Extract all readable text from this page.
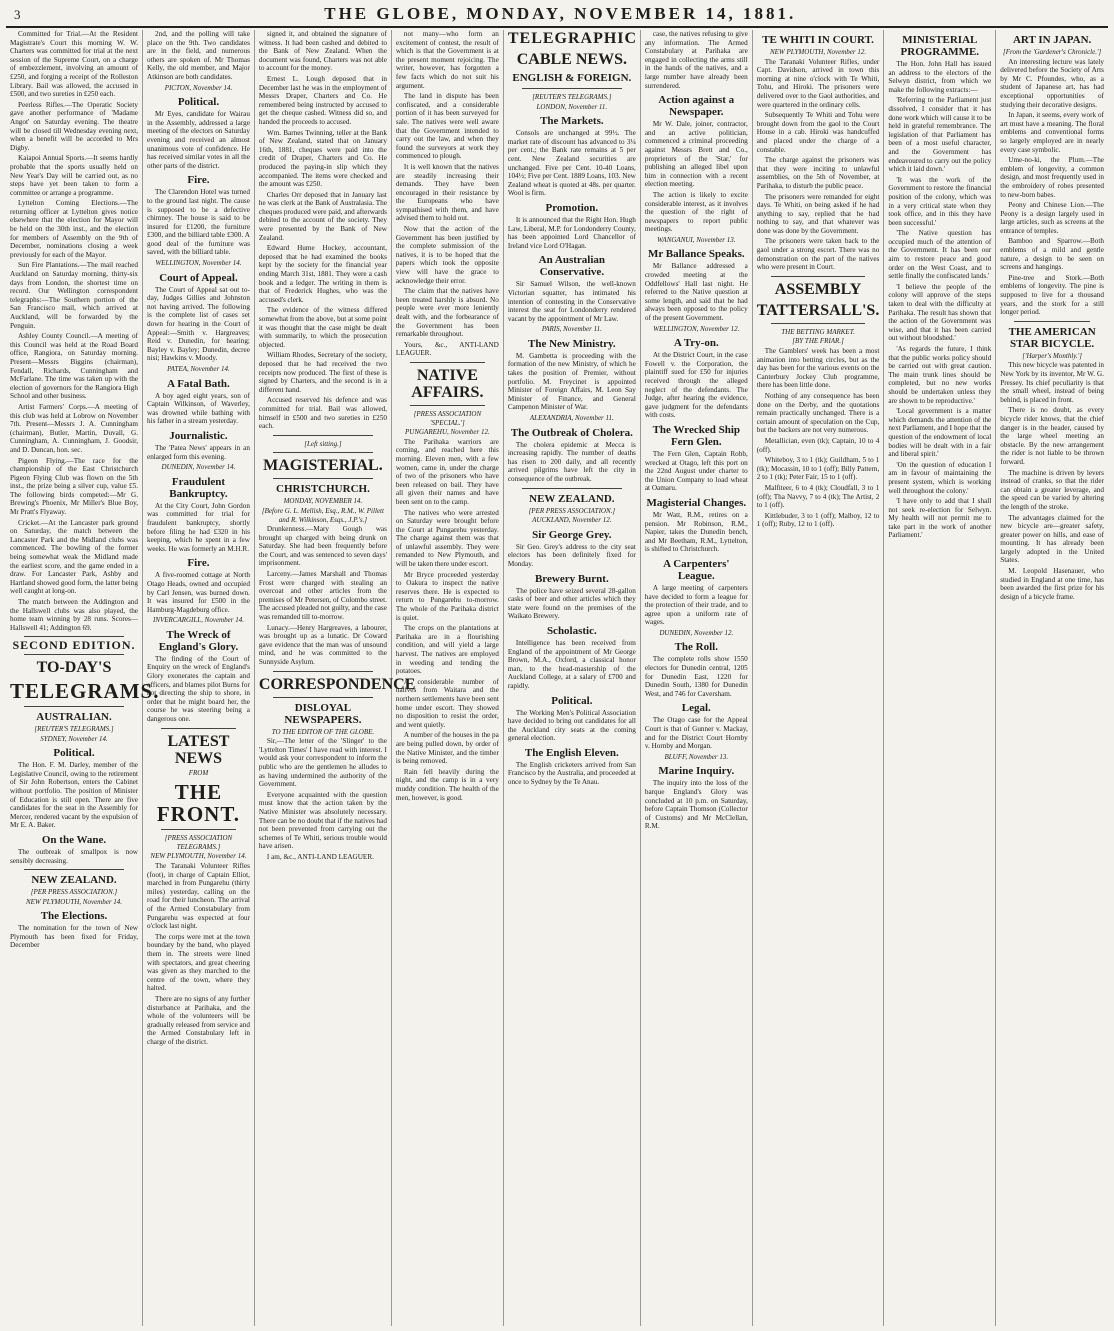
3	THE GLOBE, MONDAY, NOVEMBER 14, 1881.

Committed for Trial.—At the Resident Magistrate's Court this morning W. W. Charters was committed for trial at the next session of the Supreme Court, on a charge of embezzlement, involving an amount of £250, and forging a receipt of the Rolleston Library. Bail was allowed, the accused in £500, and two sureties in £250 each.

Peerless Rifles.—The Operatic Society gave another performance of 'Madame Angot' on Saturday evening. The theatre will be closed till Wednesday evening next, when a benefit will be accorded to Mrs Digby.

Kaiapoi Annual Sports.—It seems hardly probable that the sports usually held on New Year's Day will be carried out, as no steps have yet been taken to form a committee or arrange a programme.

Lyttelton Coming Elections.—The returning officer at Lyttelton gives notice elsewhere that the election for Mayor will be held on the 30th inst., and the election for members of Assembly on the 9th of December, nominations closing a week previously for each of the Mayor.

Sun Fire Plantations.—The mail reached Auckland on Saturday morning, thirty-six days from London, the shortest time on record. Our Wellington correspondent telegraphs:—The Southern portion of the San Francisco mail, which arrived at Auckland, will be forwarded by the Penguin.

Ashley County Council.—A meeting of this Council was held at the Road Board office, Rangiora, on Saturday morning. Present—Messrs Biggins (chairman), Fendall, Richards, Cunningham and McFarlane. The time was taken up with the election of governors for the Rangiora High School and other business.

Artist Farmers' Corps.—A meeting of this club was held at Lobrow on November 7th. Present—Messrs J. A. Cunningham (chairman), Butler, Martin, Duvall, G. Cunningham, A. Cunningham, J. Goodsir, and D. Duncan, hon. sec.

Pigeon Flying.—The race for the championship of the East Christchurch Pigeon Flying Club was flown on the 5th inst., the prize being a silver cup, value £5. The following birds competed:—Mr G. Brewing's Phoenix, Mr Miller's Blue Boy, Mr Pratt's Flyaway.

Cricket.—At the Lancaster park ground on Saturday, the match between the Lancaster Park and the Midland clubs was commenced. The bowling of the former being somewhat weak the Midland made the earliest score, and the game ended in a draw. For Lancaster Park, Ashby and Hartland showed good form, the latter being well caught at long-on.

The match between the Addington and the Hallswell clubs was also played, the home team winning by 28 runs. Scores—Hallswell 41; Addington 69.

SECOND EDITION.
TO-DAY'S
TELEGRAMS.
AUSTRALIAN.
[REUTER'S TELEGRAMS.]
SYDNEY, November 14.
Political.

The Hon. F. M. Darley, member of the Legislative Council, owing to the retirement of Sir John Robertson, enters the Cabinet without portfolio. The position of Minister of Education is still open. There are five candidates for the seat in the Assembly for Mercer, rendered vacant by the expulsion of Mr E. A. Baker.

On the Wane.

The outbreak of smallpox is now sensibly decreasing.

NEW ZEALAND.
[PER PRESS ASSOCIATION.]
NEW PLYMOUTH, November 14.
The Elections.

The nomination for the town of New Plymouth has been fixed for Friday, December

2nd, and the polling will take place on the 9th. Two candidates are in the field, and numerous others are spoken of. Mr Thomas Kelly, the old member, and Major Atkinson are both candidates.

PICTON, November 14.
Political.

Mr Eyes, candidate for Wairau in the Assembly, addressed a large meeting of the electors on Saturday evening and received an almost unanimous vote of confidence. He has received similar votes in all the other parts of the district.

Fire.

The Clarendon Hotel was turned to the ground last night. The cause is supposed to be a defective chimney. The house is said to be insured for £1200, the furniture £300, and the billiard table £300. A good deal of the furniture was saved, with the billiard table.

WELLINGTON, November 14.
Court of Appeal.

The Court of Appeal sat out to-day, Judges Gillies and Johnston not having arrived. The following is the complete list of cases set down for hearing in the Court of Appeal:—Smith v. Hargreaves; Reid v. Dunedin, for hearing; Bayley v. Bayley; Dunedin, decree nisi; Hawkins v. Moody.

PATEA, November 14.
A Fatal Bath.

A boy aged eight years, son of Captain Wilkinson, of Waverley, was drowned while bathing with his father in a stream yesterday.

Journalistic.

The 'Patea News' appears in an enlarged form this evening.

DUNEDIN, November 14.
Fraudulent Bankruptcy.

At the City Court, John Gordon was committed for trial for fraudulent bankruptcy, shortly before filing he had £320 in his keeping, which he spent in a few weeks. He was formerly an M.H.R.

Fire.

A five-roomed cottage at North Otago Heads, owned and occupied by Carl Jensen, was burned down. It was insured for £500 in the Hamburg-Magdeburg office.

INVERCARGILL, November 14.
The Wreck of England's Glory.

The finding of the Court of Enquiry on the wreck of England's Glory exonerates the captain and officers, and blames pilot Burns for not directing the ship to shore, in order that he might board her, the course he was steering being a dangerous one.

LATEST NEWS
FROM
THE FRONT.
[PRESS ASSOCIATION TELEGRAMS.]
NEW PLYMOUTH, November 14.

The Taranaki Volunteer Rifles (foot), in charge of Captain Elliot, marched in from Pungarehu (thirty miles) yesterday, calling on the road for their luncheon. The arrival of the Armed Constabulary from Pungarehu was expected at four o'clock last night.

The corps were met at the town boundary by the band, who played them in. The streets were lined with spectators, and great cheering was given as they marched to the centre of the town, where they halted.

There are no signs of any further disturbance at Parihaka, and the whole of the volunteers will be gradually released from service and the Armed Constabulary left in charge of the district.

signed it, and obtained the signature of witness. It had been cashed and debited to the Bank of New Zealand. When the document was found, Charters was not able to account for the money.

Ernest L. Lough deposed that in December last he was in the employment of Messrs Draper, Charters and Co. He remembered being instructed by accused to get the cheque cashed. Witness did so, and handed the proceeds to accused.

Wm. Barnes Twinning, teller at the Bank of New Zealand, stated that on January 16th, 1881, cheques were paid into the credit of Draper, Charters and Co. He produced the paying-in slip which they accompanied. The items were checked and the amount was £250.

Charles Orr deposed that in January last he was clerk at the Bank of Australasia. The cheques produced were paid, and afterwards debited to the account of the society. They were presented by the Bank of New Zealand.

Edward Hume Hockey, accountant, deposed that he had examined the books kept by the society for the financial year ending March 31st, 1881. They were a cash book and a ledger. The writing in them is that of Frederick Hughes, who was the accused's clerk.

The evidence of the witness differed somewhat from the above, but at some point it was thought that the case might be dealt with summarily, to which the prosecution objected.

William Rhodes, Secretary of the society, deposed that he had received the two receipts now produced. The first of these is signed by Charters, and the second is in a different hand.

Accused reserved his defence and was committed for trial. Bail was allowed, himself in £500 and two sureties in £250 each.

[Left sitting.]
MAGISTERIAL.
CHRISTCHURCH.
MONDAY, NOVEMBER 14.
[Before G. L. Mellish, Esq., R.M., W. Pillett and R. Wilkinson, Esqs., J.P.'s.]

Drunkenness.—Mary Gough was brought up charged with being drunk on Saturday. She had been frequently before the Court, and was sentenced to seven days' imprisonment.

Larceny.—James Marshall and Thomas Frost were charged with stealing an overcoat and other articles from the premises of Mr Petersen, of Colombo street. The accused pleaded not guilty, and the case was remanded till to-morrow.

Lunacy.—Henry Hargreaves, a labourer, was brought up as a lunatic. Dr Coward gave evidence that the man was of unsound mind, and he was committed to the Sunnyside Asylum.

CORRESPONDENCE
DISLOYAL NEWSPAPERS.
TO THE EDITOR OF THE GLOBE.

Sir,—The letter of the 'Slinger' to the 'Lyttelton Times' I have read with interest. I would ask your correspondent to inform the public who are the gentlemen he alludes to as having undermined the authority of the Government.

Everyone acquainted with the question must know that the action taken by the Native Minister was absolutely necessary. There can be no doubt that if the natives had not been prevented from carrying out the schemes of Te Whiti, serious trouble would have arisen.

I am, &c., ANTI-LAND LEAGUER.

not many—who form an excitement of contest, the result of which is that the Government is at the present moment rejoicing. The writer, however, has forgotten a few facts which do not suit his argument.

The land in dispute has been confiscated, and a considerable portion of it has been surveyed for sale. The natives were well aware that the Government intended to carry out the law, and when they found the surveyors at work they commenced to plough.

It is well known that the natives are steadily increasing their demands. They have been encouraged in their resistance by the Europeans who have sympathised with them, and have advised them to hold out.

Now that the action of the Government has been justified by the complete submission of the natives, it is to be hoped that the papers which took the opposite view will have the grace to acknowledge their error.

The claim that the natives have been treated harshly is absurd. No people were ever more leniently dealt with, and the forbearance of the Government has been remarkable throughout.

Yours, &c., ANTI-LAND LEAGUER.

NATIVE AFFAIRS.
[PRESS ASSOCIATION 'SPECIAL.']
PUNGAREHU, November 12.

The Parihaka warriors are coming, and reached here this morning. Eleven men, with a few women, came in, under the charge of two of the prisoners who have been released on bail. They have all given their names and have been sent on to the camp.

The natives who were arrested on Saturday were brought before the Court at Pungarehu yesterday. The charge against them was that of unlawful assembly. They were remanded to New Plymouth, and will be taken there under escort.

Mr Bryce proceeded yesterday to Oakura to inspect the native reserves there. He is expected to return to Pungarehu to-morrow. The whole of the Parihaka district is quiet.

The crops on the plantations at Parihaka are in a flourishing condition, and will yield a large harvest. The natives are employed in weeding and tending the potatoes.

A considerable number of natives from Waitara and the northern settlements have been sent home under escort. They showed no disposition to resist the order, and went quietly.

A number of the houses in the pa are being pulled down, by order of the Native Minister, and the timber is being removed.

Rain fell heavily during the night, and the camp is in a very muddy condition. The health of the men, however, is good.

TELEGRAPHIC
CABLE NEWS.
ENGLISH & FOREIGN.
[REUTER'S TELEGRAMS.]
LONDON, November 11.
The Markets.

Consols are unchanged at 99½. The market rate of discount has advanced to 3¼ per cent.; the Bank rate remains at 5 per cent. New Zealand securities are unchanged. Five per Cent. 10-40 Loans, 104½; Five per Cent. 1889 Loans, 103. New Zealand wheat is quoted at 48s. per quarter. Wool is firm.

Promotion.

It is announced that the Right Hon. Hugh Law, Liberal, M.P. for Londonderry County, has been appointed Lord Chancellor of Ireland vice Lord O'Hagan.

An Australian Conservative.

Sir Samuel Wilson, the well-known Victorian squatter, has intimated his intention of contesting in the Conservative interest the seat for Londonderry rendered vacant by the appointment of Mr Law.

PARIS, November 11.
The New Ministry.

M. Gambetta is proceeding with the formation of the new Ministry, of which he takes the position of Premier, without portfolio. M. Freycinet is appointed Minister of Foreign Affairs, M. Leon Say Minister of Finance, and General Campenon Minister of War.

ALEXANDRIA, November 11.
The Outbreak of Cholera.

The cholera epidemic at Mecca is increasing rapidly. The number of deaths has risen to 200 daily, and all recently arrived pilgrims have left the city in consequence of the outbreak.

NEW ZEALAND.
[PER PRESS ASSOCIATION.]
AUCKLAND, November 12.
Sir George Grey.

Sir Geo. Grey's address to the city seat electors has been definitely fixed for Monday.

Brewery Burnt.

The police have seized several 28-gallon casks of beer and other articles which they state were found on the premises of the Waikato Brewery.

Scholastic.

Intelligence has been received from England of the appointment of Mr George Brown, M.A., Oxford, a classical honor man, to the head-mastership of the Auckland College, at a salary of £700 and rapidly.

Political.

The Working Men's Political Association have decided to bring out candidates for all the Auckland city seats at the coming general election.

The English Eleven.

The English cricketers arrived from San Francisco by the Australia, and proceeded at once to Sydney by the Te Anau.

case, the natives refusing to give any information. The Armed Constabulary at Parihaka are engaged in collecting the arms still in the hands of the natives, and a large number have already been surrendered.

Action against a Newspaper.

Mr W. Dale, joiner, contractor, and an active politician, commenced a criminal proceeding against Messrs Brett and Co., proprietors of the 'Star,' for publishing an alleged libel upon him in connection with a recent election meeting.

The action is likely to excite considerable interest, as it involves the question of the right of newspapers to report public meetings.

WANGANUI, November 13.
Mr Ballance Speaks.

Mr Ballance addressed a crowded meeting at the Oddfellows' Hall last night. He referred to the Native question at some length, and said that he had always been opposed to the policy of the present Government.

WELLINGTON, November 12.
A Try-on.

At the District Court, in the case Fowell v. the Corporation, the plaintiff sued for £50 for injuries received through the alleged neglect of the defendants. The Judge, after hearing the evidence, gave judgment for the defendants with costs.

The Wrecked Ship Fern Glen.

The Fern Glen, Captain Robb, wrecked at Otago, left this port on the 22nd August under charter to the Union Company to load wheat at Oamaru.

Magisterial Changes.

Mr Watt, R.M., retires on a pension. Mr Robinson, R.M., Napier, takes the Dunedin bench, and Mr Beetham, R.M., Lyttelton, is shifted to Christchurch.

A Carpenters' League.

A large meeting of carpenters have decided to form a league for the protection of their trade, and to agree upon a uniform rate of wages.

DUNEDIN, November 12.
The Roll.

The complete rolls show 1550 electors for Dunedin central, 1205 for Dunedin East, 1220 for Dunedin South, 1380 for Dunedin West, and 746 for Caversham.

Legal.

The Otago case for the Appeal Court is that of Gunner v. Mackay, and for the District Court Hornby v. Hornby and Morgan.

BLUFF, November 13.
Marine Inquiry.

The inquiry into the loss of the barque England's Glory was concluded at 10 p.m. on Saturday, before Captain Thomson (Collector of Customs) and Mr McClellan, R.M.

TE WHITI IN COURT.
NEW PLYMOUTH, November 12.

The Taranaki Volunteer Rifles, under Capt. Davidson, arrived in town this morning at nine o'clock with Te Whiti, Tohu, and Hiroki. The prisoners were delivered over to the Gaol authorities, and were quartered in the ordinary cells.

Subsequently Te Whiti and Tohu were brought down from the gaol to the Court House in a cab. Hiroki was handcuffed and placed under the charge of a constable.

The charge against the prisoners was that they were inciting to unlawful assemblies, on the 5th of November, at Parihaka, to disturb the public peace.

The prisoners were remanded for eight days. Te Whiti, on being asked if he had anything to say, replied that he had nothing to say, and that whatever was done was done by the Government.

The prisoners were taken back to the gaol under a strong escort. There was no demonstration on the part of the natives who were present in Court.

ASSEMBLY
TATTERSALL'S.
THE BETTING MARKET.
[BY THE FRIAR.]

The Gamblers' week has been a most animation into betting circles, but as the day has been for the various events on the Canterbury Jockey Club programme, there has been little done.

Nothing of any consequence has been done on the Derby, and the quotations remain practically unchanged. There is a certain amount of speculation on the Cup, but the backers are not very numerous.

Metallician, even (tk); Captain, 10 to 4 (off).

Whiteboy, 3 to 1 (tk); Guildham, 5 to 1 (tk); Mocassin, 10 to 1 (off); Billy Pattern, 2 to 1 (tk); Peter Fair, 15 to 1 (off).

Malfiteer, 6 to 4 (tk); Cloudfall, 3 to 1 (off); Tha Navvy, 7 to 4 (tk); The Artist, 2 to 1 (off).

Kittlebuder, 3 to 1 (off); Malboy, 12 to 1 (off); Ruby, 12 to 1 (off).

MINISTERIAL PROGRAMME.

The Hon. John Hall has issued an address to the electors of the Selwyn district, from which we make the following extracts:—

'Referring to the Parliament just dissolved, I consider that it has done work which will cause it to be held in grateful remembrance. The legislation of that Parliament has been of a most useful character, and the Government has endeavoured to carry out the policy which it laid down.'

'It was the work of the Government to restore the financial position of the colony, which was in a very critical state when they took office, and in this they have been successful.'

'The Native question has occupied much of the attention of the Government. It has been our aim to restore peace and good order on the West Coast, and to settle finally the confiscated lands.'

'I believe the people of the colony will approve of the steps taken to deal with the difficulty at Parihaka. The result has shown that the action of the Government was wise, and that it has been carried out without bloodshed.'

'As regards the future, I think that the public works policy should be carried out with great caution. The main trunk lines should be completed, but no new works should be undertaken unless they are shown to be reproductive.'

'Local government is a matter which demands the attention of the next Parliament, and I hope that the question of the endowment of local bodies will be dealt with in a fair and liberal spirit.'

'On the question of education I am in favour of maintaining the present system, which is working well throughout the colony.'

'I have only to add that I shall not seek re-election for Selwyn. My health will not permit me to take part in the work of another Parliament.'

ART IN JAPAN.
[From the 'Gardener's Chronicle.']

An interesting lecture was lately delivered before the Society of Arts by Mr C. Pfoundes, who, as a student of Japanese art, has had exceptional opportunities of studying their decorative designs.

In Japan, it seems, every work of art must have a meaning. The floral emblems and conventional forms so largely employed are in nearly every case symbolic.

Ume-no-ki, the Plum.—The emblem of longevity, a common design, and most frequently used in the embroidery of robes presented to new-born babes.

Peony and Chinese Lion.—The Peony is a design largely used in large articles, such as screens at the entrance of temples.

Bamboo and Sparrow.—Both emblems of a mild and gentle nature, a design to be seen on screens and hangings.

Pine-tree and Stork.—Both emblems of longevity. The pine is supposed to live for a thousand years, and the stork for a still longer period.

THE AMERICAN STAR BICYCLE.
['Harper's Monthly.']

This new bicycle was patented in New York by its inventor, Mr W. G. Pressey. Its chief peculiarity is that the small wheel, instead of being behind, is placed in front.

There is no doubt, as every bicycle rider knows, that the chief danger is in the header, caused by the large wheel meeting an obstacle. By the new arrangement the rider is not liable to be thrown forward.

The machine is driven by levers instead of cranks, so that the rider can obtain a greater leverage, and the speed can be varied by altering the length of the stroke.

The advantages claimed for the new bicycle are—greater safety, greater power on hills, and ease of mounting. It has already been largely adopted in the United States.

M. Leopold Hasenauer, who studied in England at one time, has been awarded the first prize for his design of a bicycle frame.
